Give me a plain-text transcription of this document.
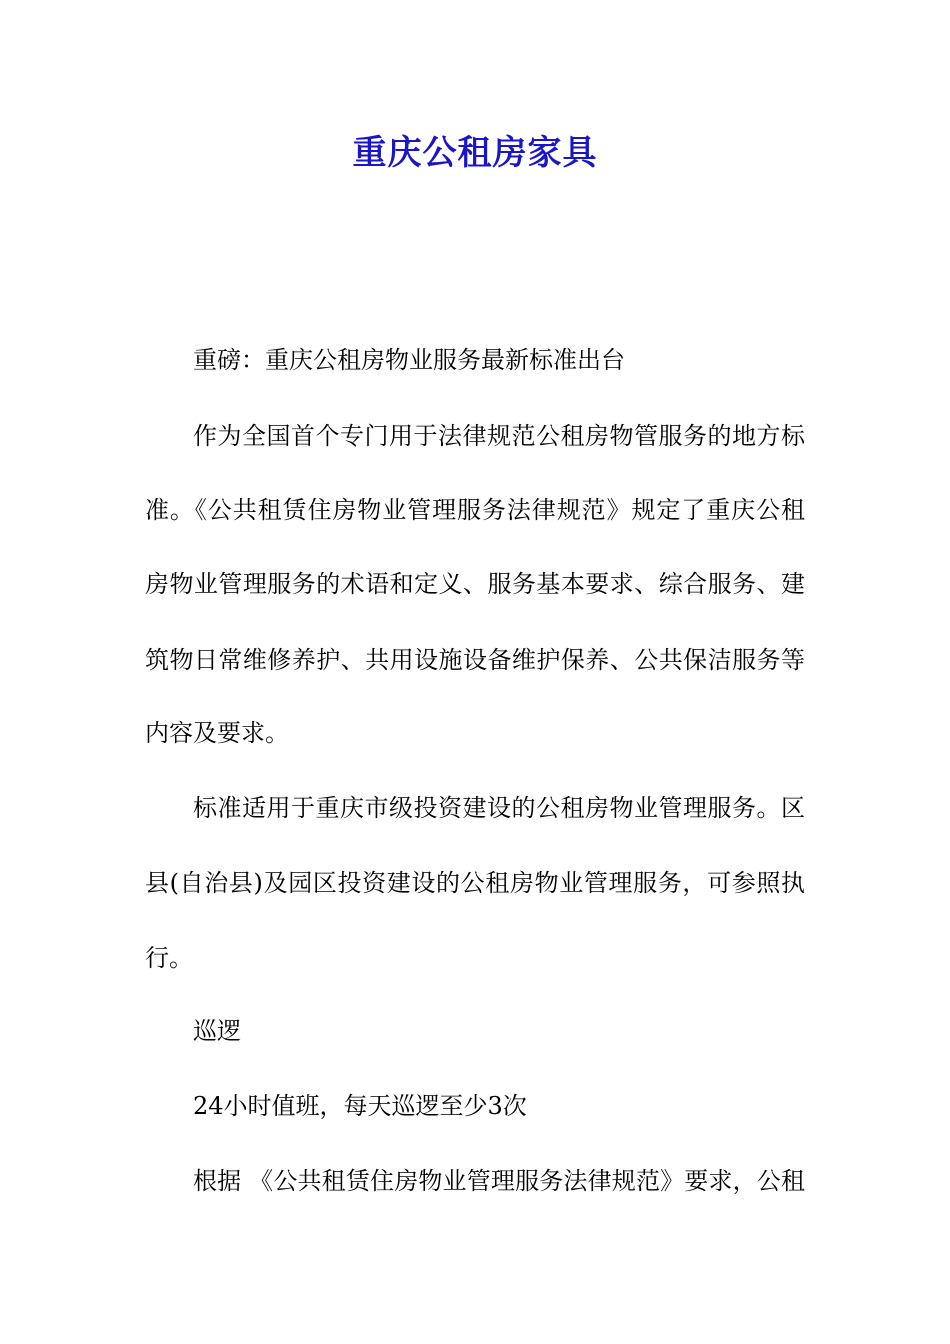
重庆公租房家具
重磅：重庆公租房物业服务最新标准出台
作为全国首个专门用于法律规范公租房物管服务的地方标
准。《公共租赁住房物业管理服务法律规范》规定了重庆公租
房物业管理服务的术语和定义、服务基本要求、综合服务、建
筑物日常维修养护、共用设施设备维护保养、公共保洁服务等
内容及要求。
标准适用于重庆市级投资建设的公租房物业管理服务。区
县(自治县)及园区投资建设的公租房物业管理服务，可参照执
行。
巡逻
24小时值班，每天巡逻至少3次
根据 《公共租赁住房物业管理服务法律规范》要求，公租
